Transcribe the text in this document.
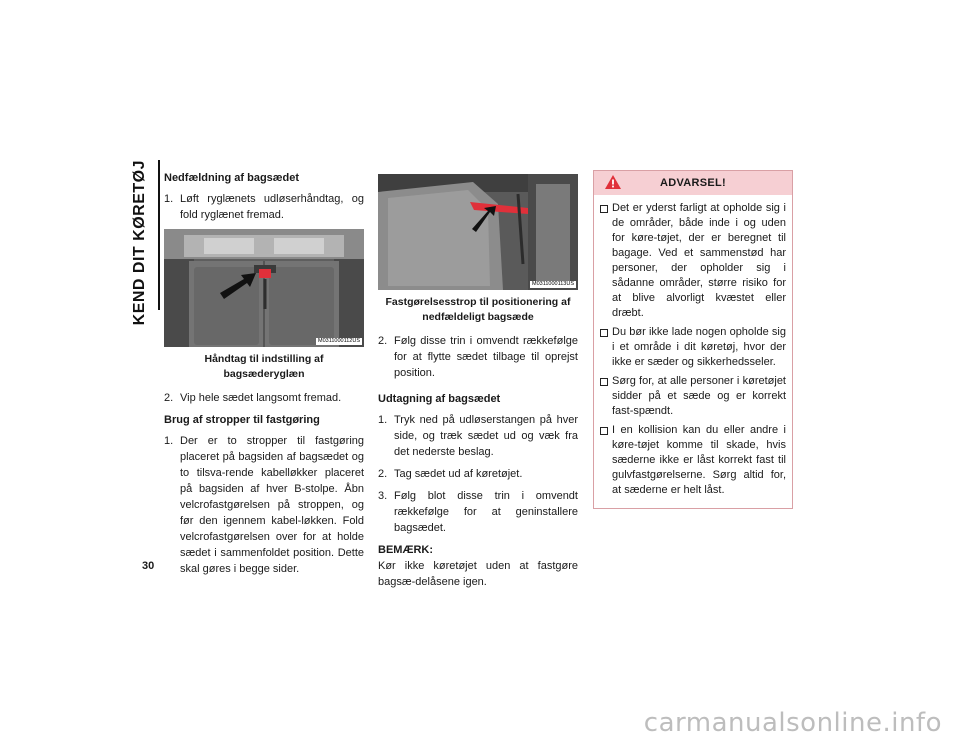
KEND DIT KØRETØJ
30
Nedfældning af bagsædet
1. Løft ryglænets udløserhåndtag, og fold ryglænet fremad.
M0311000112US
Håndtag til indstilling af bagsæderyglæn
2. Vip hele sædet langsomt fremad.
Brug af stropper til fastgøring
1. Der er to stropper til fastgøring placeret på bagsiden af bagsædet og to tilsva-rende kabelløkker placeret på bagsiden af hver B-stolpe. Åbn velcrofastgørelsen på stroppen, og før den igennem kabel-løkken. Fold velcrofastgørelsen over for at holde sædet i sammenfoldet position. Dette skal gøres i begge sider.
M0311000113US
Fastgørelsesstrop til positionering af nedfældeligt bagsæde
2. Følg disse trin i omvendt rækkefølge for at flytte sædet tilbage til oprejst position.
Udtagning af bagsædet
1. Tryk ned på udløserstangen på hver side, og træk sædet ud og væk fra det nederste beslag.
2. Tag sædet ud af køretøjet.
3. Følg blot disse trin i omvendt rækkefølge for at geninstallere bagsædet.
BEMÆRK:
Kør ikke køretøjet uden at fastgøre bagsæ-delåsene igen.
ADVARSEL!
Det er yderst farligt at opholde sig i de områder, både inde i og uden for køre-tøjet, der er beregnet til bagage. Ved et sammenstød har personer, der opholder sig i sådanne områder, større risiko for at blive alvorligt kvæstet eller dræbt.
Du bør ikke lade nogen opholde sig i et område i dit køretøj, hvor der ikke er sæder og sikkerhedsseler.
Sørg for, at alle personer i køretøjet sidder på et sæde og er korrekt fast-spændt.
I en kollision kan du eller andre i køre-tøjet komme til skade, hvis sæderne ikke er låst korrekt fast til gulvfastgørelserne. Sørg altid for, at sæderne er helt låst.
carmanualsonline.info
